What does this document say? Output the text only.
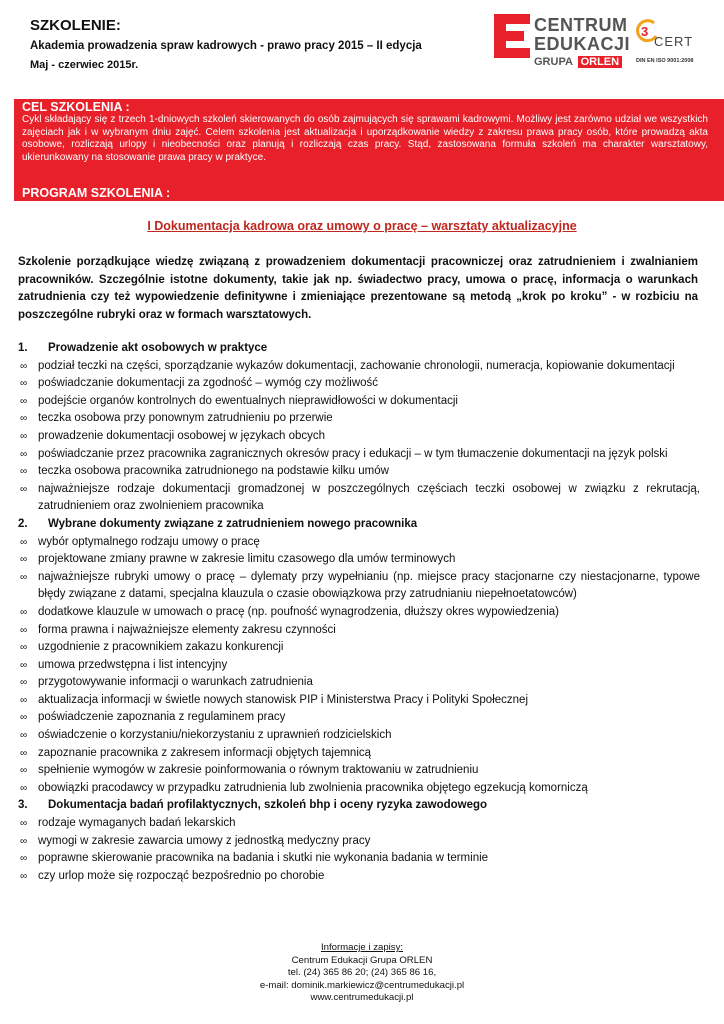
SZKOLENIE:
Akademia prowadzenia spraw kadrowych - prawo pracy 2015 – II edycja
Maj - czerwiec 2015r.
CENTRUM
EDUKACJI
GRUPA ORLEN
3
CERT
DIN EN ISO 9001:2008
CEL SZKOLENIA :
Cykl składający się z trzech 1-dniowych szkoleń skierowanych do osób zajmujących się sprawami kadrowymi. Możliwy jest zarówno udział we wszystkich zajęciach jak i w wybranym dniu zajęć. Celem szkolenia jest aktualizacja i uporządkowanie wiedzy z zakresu prawa pracy osób, które prowadzą akta osobowe, rozliczają urlopy i nieobecności oraz planują i rozliczają czas pracy. Stąd, zastosowana formuła szkoleń ma charakter warsztatowy, ukierunkowany na stosowanie prawa pracy w praktyce.
PROGRAM SZKOLENIA :
I Dokumentacja kadrowa oraz umowy o pracę – warsztaty aktualizacyjne
Szkolenie porządkujące wiedzę związaną z prowadzeniem dokumentacji pracowniczej oraz zatrudnieniem i zwalnianiem pracowników. Szczególnie istotne dokumenty, takie jak np. świadectwo pracy, umowa o pracę, informacja o warunkach zatrudnienia czy też wypowiedzenie definitywne i zmieniające prezentowane są metodą „krok po kroku” - w rozbiciu na poszczególne rubryki oraz w formach warsztatowych.
1.	Prowadzenie akt osobowych w praktyce
∞ podział teczki na części, sporządzanie wykazów dokumentacji, zachowanie chronologii, numeracja, kopiowanie dokumentacji
∞ poświadczanie dokumentacji za zgodność – wymóg czy możliwość
∞ podejście organów kontrolnych do ewentualnych nieprawidłowości w dokumentacji
∞ teczka osobowa przy ponownym zatrudnieniu po przerwie
∞ prowadzenie dokumentacji osobowej w językach obcych
∞ poświadczanie przez pracownika zagranicznych okresów pracy i edukacji – w tym tłumaczenie dokumentacji na język polski
∞ teczka osobowa pracownika zatrudnionego na podstawie kilku umów
∞ najważniejsze rodzaje dokumentacji gromadzonej w poszczególnych częściach teczki osobowej w związku z rekrutacją, zatrudnieniem oraz zwolnieniem pracownika
2.	Wybrane dokumenty związane z zatrudnieniem nowego pracownika
∞ wybór optymalnego rodzaju umowy o pracę
∞ projektowane zmiany prawne w zakresie limitu czasowego dla umów terminowych
∞ najważniejsze rubryki umowy o pracę – dylematy przy wypełnianiu (np. miejsce pracy stacjonarne czy niestacjonarne, typowe błędy związane z datami, specjalna klauzula o czasie obowiązkowa przy zatrudnianiu niepełnoetatowców)
∞ dodatkowe klauzule w umowach o pracę (np. poufność wynagrodzenia, dłuższy okres wypowiedzenia)
∞ forma prawna i najważniejsze elementy zakresu czynności
∞ uzgodnienie z pracownikiem zakazu konkurencji
∞ umowa przedwstępna i list intencyjny
∞ przygotowywanie informacji o warunkach zatrudnienia
∞ aktualizacja informacji w świetle nowych stanowisk PIP i Ministerstwa Pracy i Polityki Społecznej
∞ poświadczenie zapoznania z regulaminem pracy
∞ oświadczenie o korzystaniu/niekorzystaniu z uprawnień rodzicielskich
∞ zapoznanie pracownika z zakresem informacji objętych tajemnicą
∞ spełnienie wymogów w zakresie poinformowania o równym traktowaniu w zatrudnieniu
∞ obowiązki pracodawcy w przypadku zatrudnienia lub zwolnienia pracownika objętego egzekucją komorniczą
3.	Dokumentacja badań profilaktycznych, szkoleń bhp i oceny ryzyka zawodowego
∞ rodzaje wymaganych badań lekarskich
∞ wymogi w zakresie zawarcia umowy z jednostką medyczny pracy
∞ poprawne skierowanie pracownika na badania i skutki nie wykonania badania w terminie
∞ czy urlop może się rozpocząć bezpośrednio po chorobie
Informacje i zapisy:
Centrum Edukacji Grupa ORLEN
tel. (24) 365 86 20; (24) 365 86 16,
e-mail: dominik.markiewicz@centrumedukacji.pl
www.centrumedukacji.pl
